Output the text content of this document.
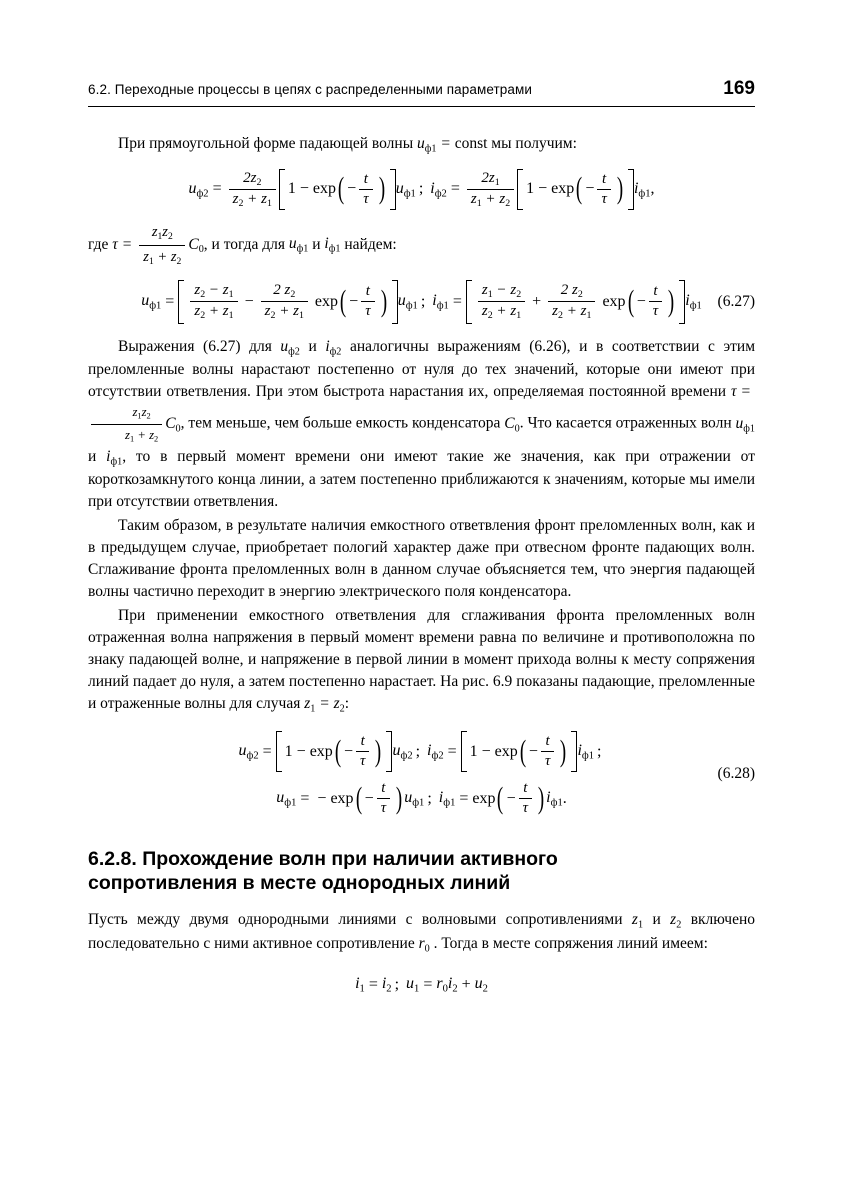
6.2. Переходные процессы в цепях с распределенными параметрами	169

При прямоугольной форме падающей волны $u_{ф1}$ = const мы получим:

$u_{ф2} = \frac{2z_2}{z_2 + z_1} 1 - \exp$ ( − $\frac{t}{\tau}$ ) $u_{ф1}$ ;
$i_{ф2} = \frac{2z_1}{z_1 + z_2} 1 - \exp$ ( − $\frac{t}{\tau}$ ) $i_{ф1}$ ,

где
$\tau = \frac{z_1z_2}{z_1 + z_2} C_0$ , и тогда для
$u_{ф1}$
и
$i_{ф1}$
найдем:

$u_{ф1} = \frac{z_2 - z_1}{z_2 + z_1} - \frac{2 z_2}{z_2 + z_1}$ exp ( − $\frac{t}{\tau}$ ) $u_{ф1}$ ;
$i_{ф1} = \frac{z_1 - z_2}{z_2 + z_1} + \frac{2 z_2}{z_2 + z_1}$ exp ( − $\frac{t}{\tau}$ ) $i_{ф1}$ (6.27)

Выражения (6.27) для $u_{ф2}$ и $i_{ф2}$ аналогичны выражениям (6.26), и в соответствии с этим преломленные волны нарастают постепенно от нуля до тех значений, которые они имеют при отсутствии ответвления. При этом быстрота нарастания их, определяемая постоянной времени τ =
$\frac{z_1z_2}{z_1 + z_2} C_0$, тем меньше, чем больше емкость конденсатора $C_0$. Что касается отраженных волн $u_{ф1}$ и $i_{ф1}$, то в первый момент времени они имеют такие же значения, как при отражении от короткозамкнутого конца линии, а затем постепенно приближаются к значениям, которые мы имели при отсутствии ответвления.

Таким образом, в результате наличия емкостного ответвления фронт преломленных волн, как и в предыдущем случае, приобретает пологий характер даже при отвесном фронте падающих волн. Сглаживание фронта преломленных волн в данном случае объясняется тем, что энергия падающей волны частично переходит в энергию электрического поля конденсатора.

При применении емкостного ответвления для сглаживания фронта преломленных волн отраженная волна напряжения в первый момент времени равна по величине и противоположна по знаку падающей волне, и напряжение в первой линии в момент прихода волны к месту сопряжения линий падает до нуля, а затем постепенно нарастает. На рис. 6.9 показаны падающие, преломленные и отраженные волны для случая $z_1 = z_2$:

$u_{ф2} = 1 - \exp$ ( − $\frac{t}{\tau}$ ) $u_{ф2}$ ;
$i_{ф2} = 1 - \exp$ ( − $\frac{t}{\tau}$ ) $i_{ф1}$ ;
$u_{ф1}$ = − exp ( − $\frac{t}{\tau}$ ) $u_{ф1}$ ;
$i_{ф1} = \exp$ ( − $\frac{t}{\tau}$ ) $i_{ф1}$ .
(6.28)
6.2.8. Прохождение волн при наличии активного
сопротивления в месте однородных линий

Пусть между двумя однородными линиями с волновыми сопротивлениями $z_1$ и $z_2$ включено последовательно с ними активное сопротивление $r_0$ . Тогда в месте сопряжения линий имеем:

$i_1 = i_2$ ;
$u_1 = r_0$ $i_2 + u_2$
